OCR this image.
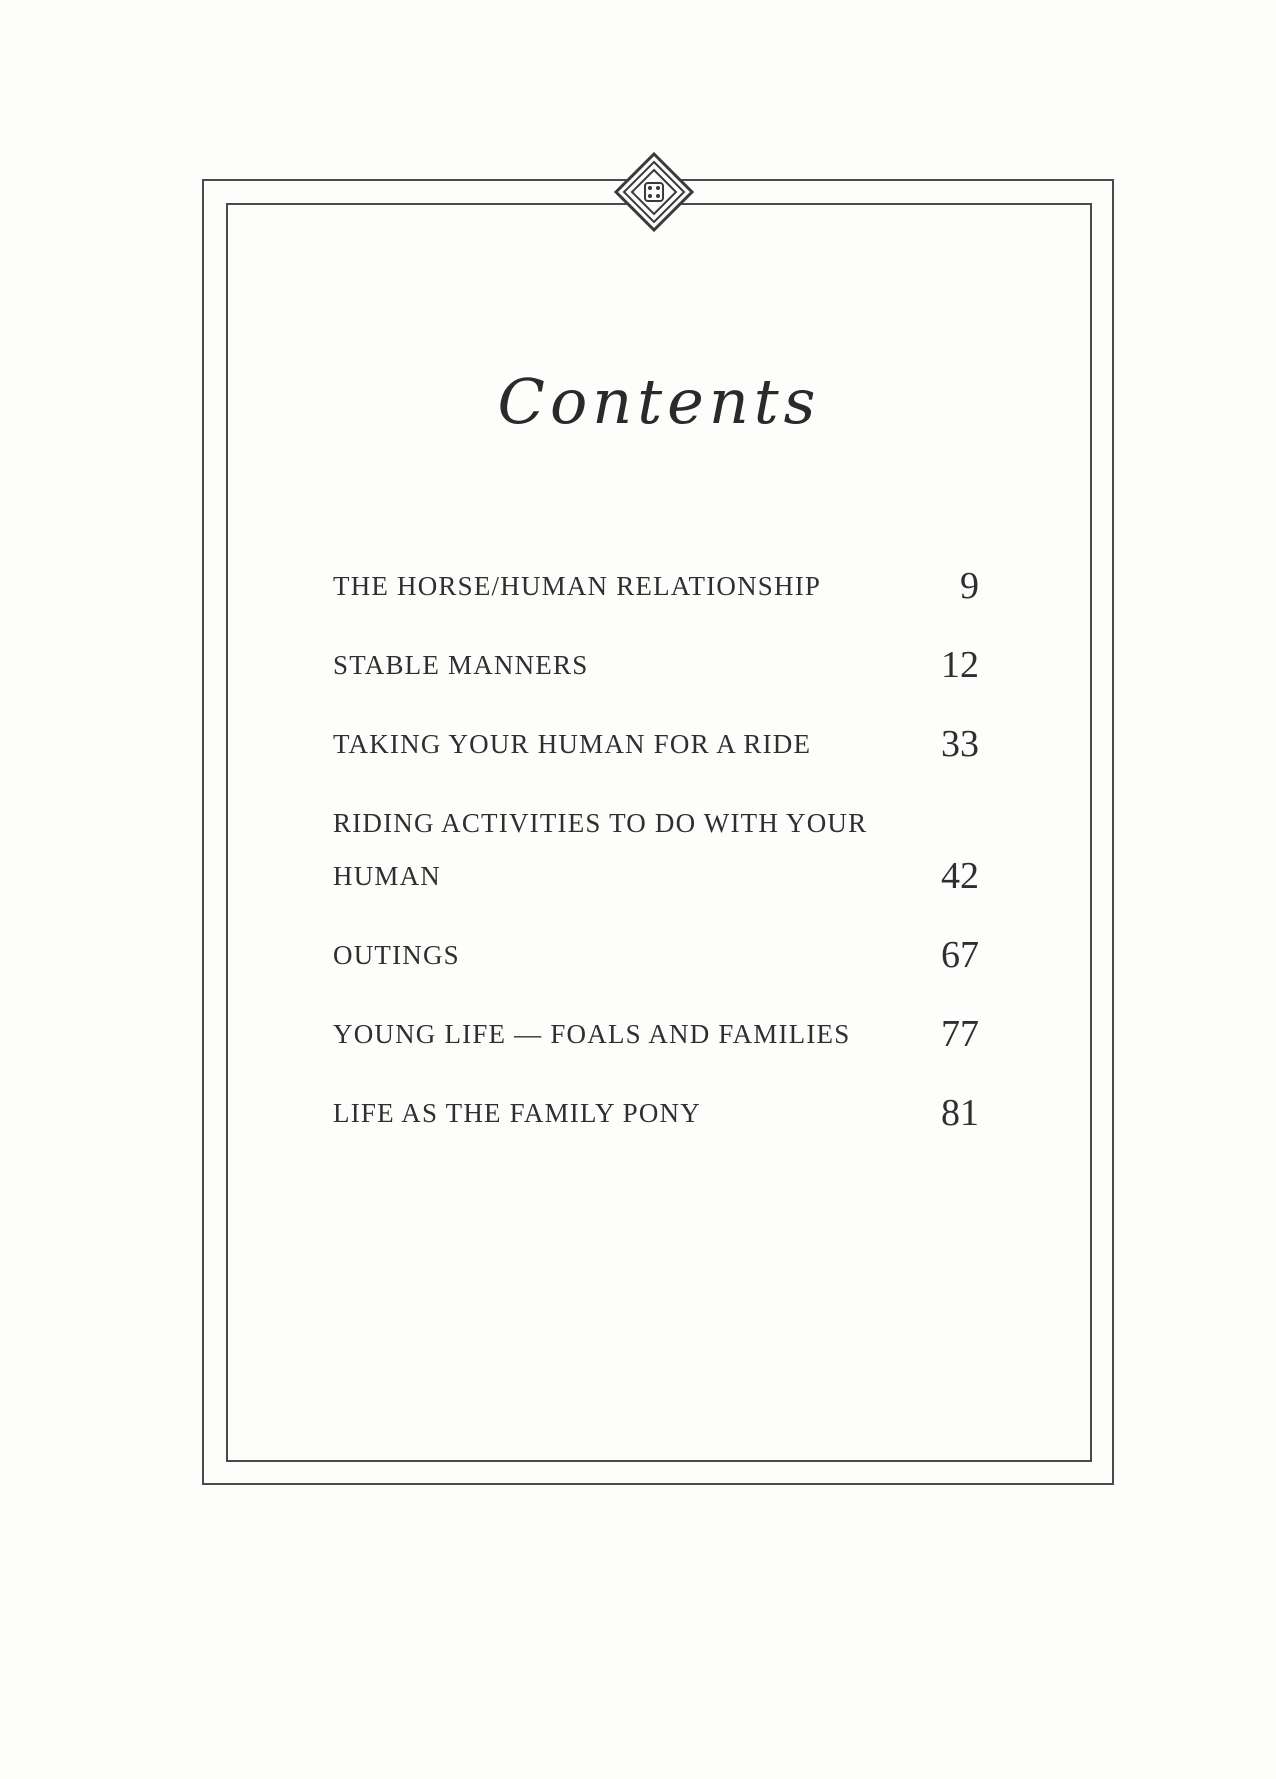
Contents
THE HORSE/HUMAN RELATIONSHIP	9
STABLE MANNERS	12
TAKING YOUR HUMAN FOR A RIDE	33
RIDING ACTIVITIES TO DO WITH YOUR HUMAN	42
OUTINGS	67
YOUNG LIFE — FOALS AND FAMILIES	77
LIFE AS THE FAMILY PONY	81
